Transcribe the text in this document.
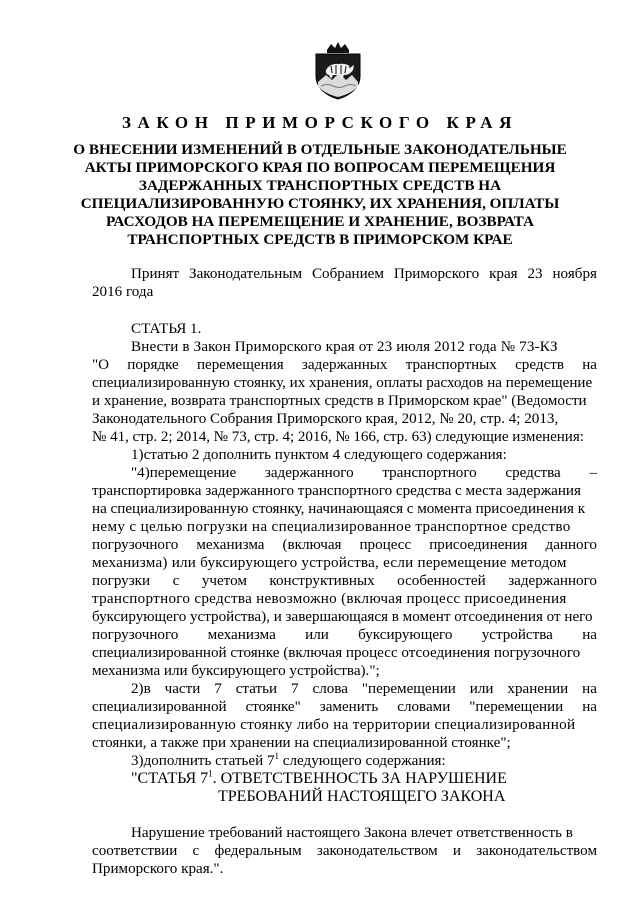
ЗАКОН ПРИМОРСКОГО КРАЯ
О ВНЕСЕНИИ ИЗМЕНЕНИЙ В ОТДЕЛЬНЫЕ ЗАКОНОДАТЕЛЬНЫЕ
АКТЫ ПРИМОРСКОГО КРАЯ ПО ВОПРОСАМ ПЕРЕМЕЩЕНИЯ
ЗАДЕРЖАННЫХ ТРАНСПОРТНЫХ СРЕДСТВ НА
СПЕЦИАЛИЗИРОВАННУЮ СТОЯНКУ, ИХ ХРАНЕНИЯ, ОПЛАТЫ
РАСХОДОВ НА ПЕРЕМЕЩЕНИЕ И ХРАНЕНИЕ, ВОЗВРАТА
ТРАНСПОРТНЫХ СРЕДСТВ В ПРИМОРСКОМ КРАЕ
Принят Законодательным Собранием Приморского края 23 ноября
2016 года
СТАТЬЯ 1.
Внести в Закон Приморского края от 23 июля 2012 года № 73-КЗ
"О порядке перемещения задержанных транспортных средств на
специализированную стоянку, их хранения, оплаты расходов на перемещение
и хранение, возврата транспортных средств в Приморском крае" (Ведомости
Законодательного Собрания Приморского края, 2012, № 20, стр. 4; 2013,
№ 41, стр. 2; 2014, № 73, стр. 4; 2016, № 166, стр. 63) следующие изменения:
1)статью 2 дополнить пунктом 4 следующего содержания:
"4)перемещение задержанного транспортного средства –
транспортировка задержанного транспортного средства с места задержания
на специализированную стоянку, начинающаяся с момента присоединения к
нему с целью погрузки на специализированное транспортное средство
погрузочного механизма (включая процесс присоединения данного
механизма) или буксирующего устройства, если перемещение методом
погрузки с учетом конструктивных особенностей задержанного
транспортного средства невозможно (включая процесс присоединения
буксирующего устройства), и завершающаяся в момент отсоединения от него
погрузочного механизма или буксирующего устройства на
специализированной стоянке (включая процесс отсоединения погрузочного
механизма или буксирующего устройства).";
2)в части 7 статьи 7 слова "перемещении или хранении на
специализированной стоянке" заменить словами "перемещении на
специализированную стоянку либо на территории специализированной
стоянки, а также при хранении на специализированной стоянке";
3)дополнить статьей $7^1$ следующего содержания:
"СТАТЬЯ $7^1$. ОТВЕТСТВЕННОСТЬ ЗА НАРУШЕНИЕ
ТРЕБОВАНИЙ НАСТОЯЩЕГО ЗАКОНА
Нарушение требований настоящего Закона влечет ответственность в
соответствии с федеральным законодательством и законодательством
Приморского края.".
